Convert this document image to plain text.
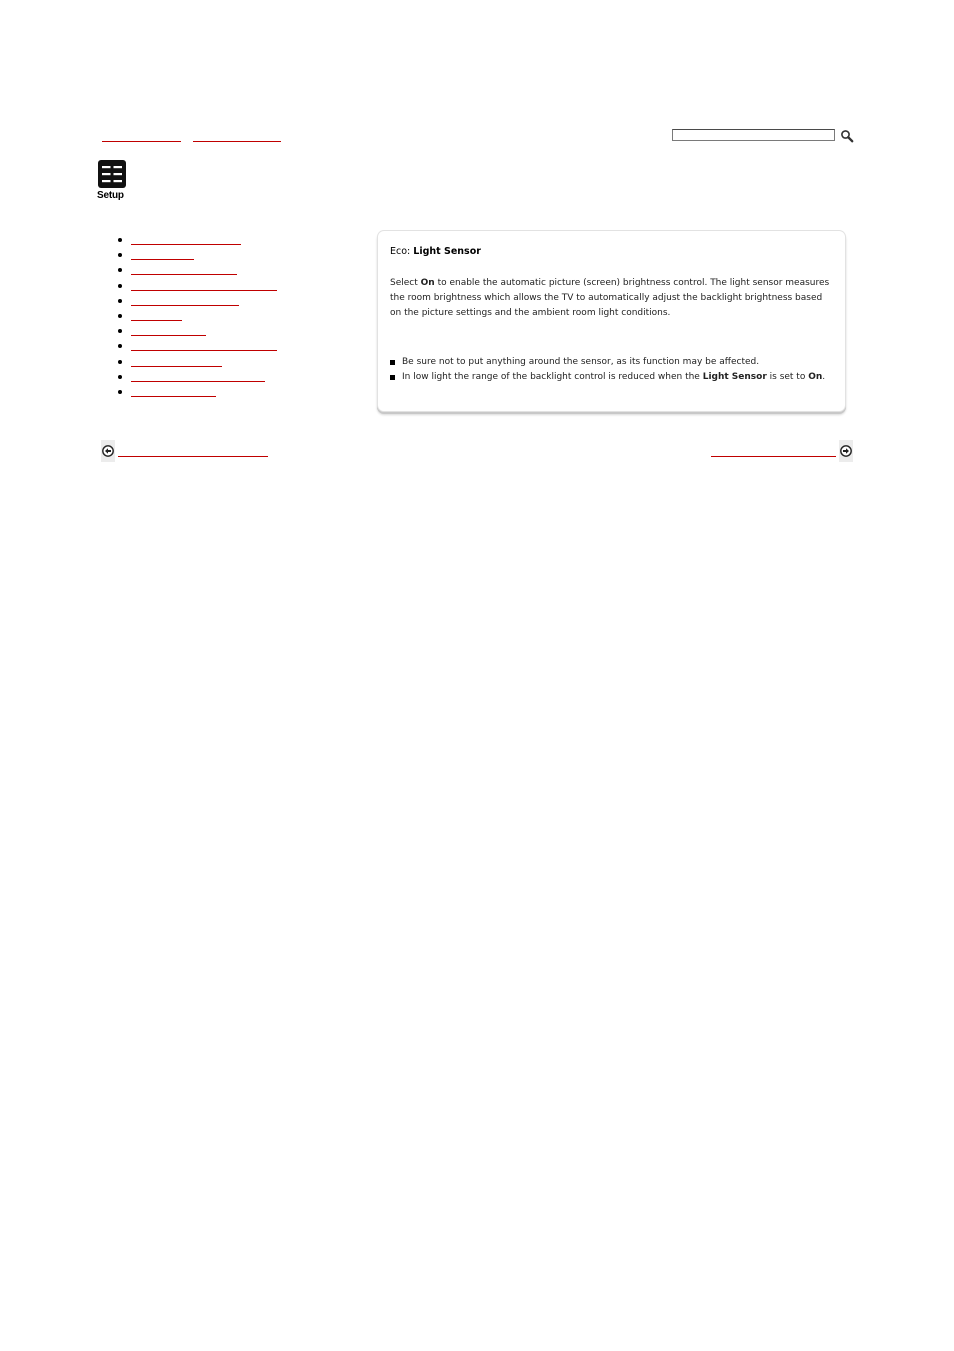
Setup
Eco: Light Sensor

Select On to enable the automatic picture (screen) brightness control. The light sensor measures the room brightness which allows the TV to automatically adjust the backlight brightness based on the picture settings and the ambient room light conditions.

Be sure not to put anything around the sensor, as its function may be affected.
In low light the range of the backlight control is reduced when the Light Sensor is set to On.
